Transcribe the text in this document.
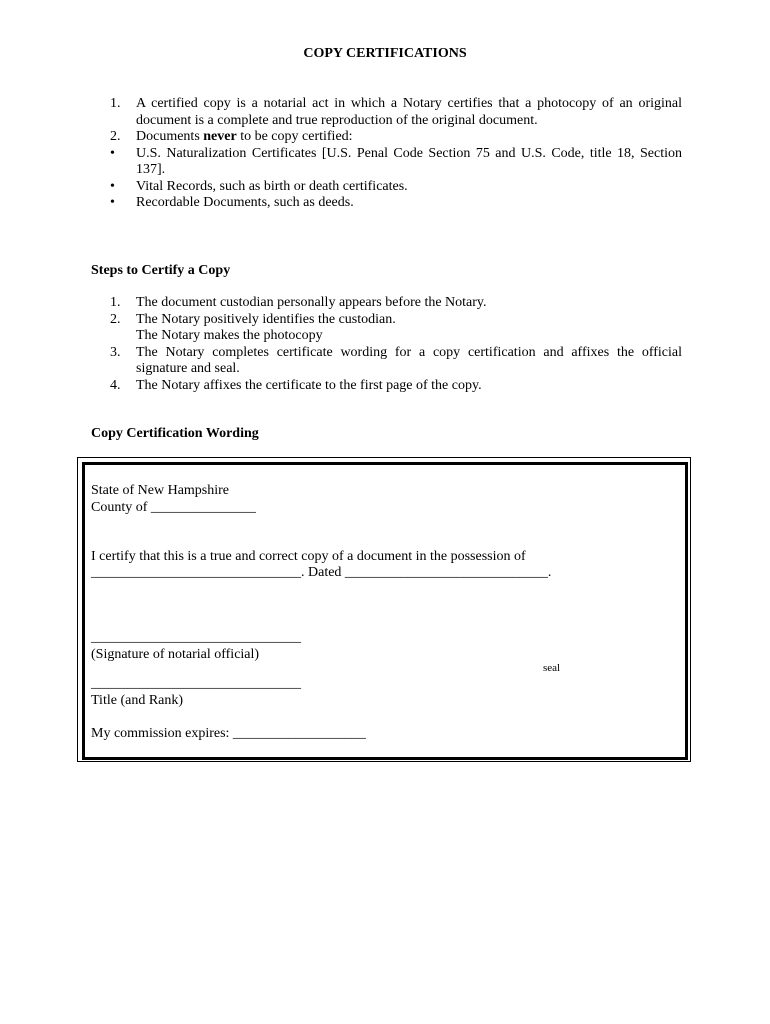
COPY CERTIFICATIONS
1.	A certified copy is a notarial act in which a Notary certifies that a photocopy of an original document is a complete and true reproduction of the original document.
2.	Documents never to be copy certified:
•	U.S. Naturalization Certificates [U.S. Penal Code Section 75 and U.S. Code, title 18, Section 137].
•	Vital Records, such as birth or death certificates.
•	Recordable Documents, such as deeds.
Steps to Certify a Copy
1.	The document custodian personally appears before the Notary.
2.	The Notary positively identifies the custodian.
The Notary makes the photocopy
3.	The Notary completes certificate wording for a copy certification and affixes the official signature and seal.
4.	The Notary affixes the certificate to the first page of the copy.
Copy Certification Wording
State of New Hampshire
County of _______________
I certify that this is a true and correct copy of a document in the possession of
______________________________. Dated _____________________________.
______________________________
(Signature of notarial official)
seal
______________________________
Title (and Rank)
My commission expires: ___________________
